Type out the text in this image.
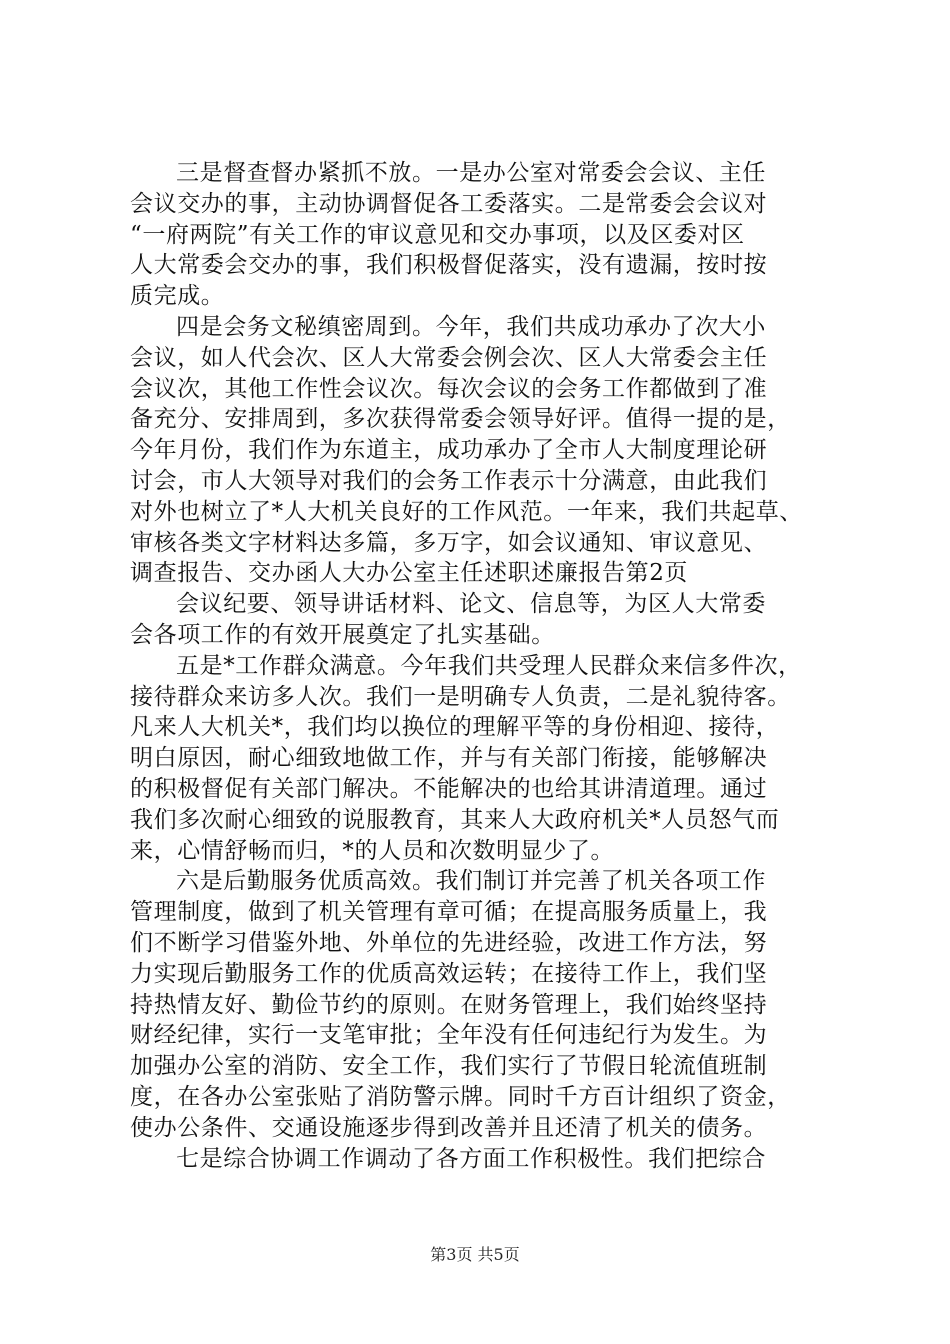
三是督查督办紧抓不放。一是办公室对常委会会议、主任
会议交办的事，主动协调督促各工委落实。二是常委会会议对
“一府两院”有关工作的审议意见和交办事项，以及区委对区
人大常委会交办的事，我们积极督促落实，没有遗漏，按时按
质完成。
四是会务文秘缜密周到。今年，我们共成功承办了次大小
会议，如人代会次、区人大常委会例会次、区人大常委会主任
会议次，其他工作性会议次。每次会议的会务工作都做到了准
备充分、安排周到，多次获得常委会领导好评。值得一提的是，
今年月份，我们作为东道主，成功承办了全市人大制度理论研
讨会，市人大领导对我们的会务工作表示十分满意，由此我们
对外也树立了*人大机关良好的工作风范。一年来，我们共起草、
审核各类文字材料达多篇，多万字，如会议通知、审议意见、
调查报告、交办函人大办公室主任述职述廉报告第2页
会议纪要、领导讲话材料、论文、信息等，为区人大常委
会各项工作的有效开展奠定了扎实基础。
五是*工作群众满意。今年我们共受理人民群众来信多件次，
接待群众来访多人次。我们一是明确专人负责，二是礼貌待客。
凡来人大机关*，我们均以换位的理解平等的身份相迎、接待，
明白原因，耐心细致地做工作，并与有关部门衔接，能够解决
的积极督促有关部门解决。不能解决的也给其讲清道理。通过
我们多次耐心细致的说服教育，其来人大政府机关*人员怒气而
来，心情舒畅而归，*的人员和次数明显少了。
六是后勤服务优质高效。我们制订并完善了机关各项工作
管理制度，做到了机关管理有章可循；在提高服务质量上，我
们不断学习借鉴外地、外单位的先进经验，改进工作方法，努
力实现后勤服务工作的优质高效运转；在接待工作上，我们坚
持热情友好、勤俭节约的原则。在财务管理上，我们始终坚持
财经纪律，实行一支笔审批；全年没有任何违纪行为发生。为
加强办公室的消防、安全工作，我们实行了节假日轮流值班制
度，在各办公室张贴了消防警示牌。同时千方百计组织了资金，
使办公条件、交通设施逐步得到改善并且还清了机关的债务。
七是综合协调工作调动了各方面工作积极性。我们把综合
第3页 共5页
